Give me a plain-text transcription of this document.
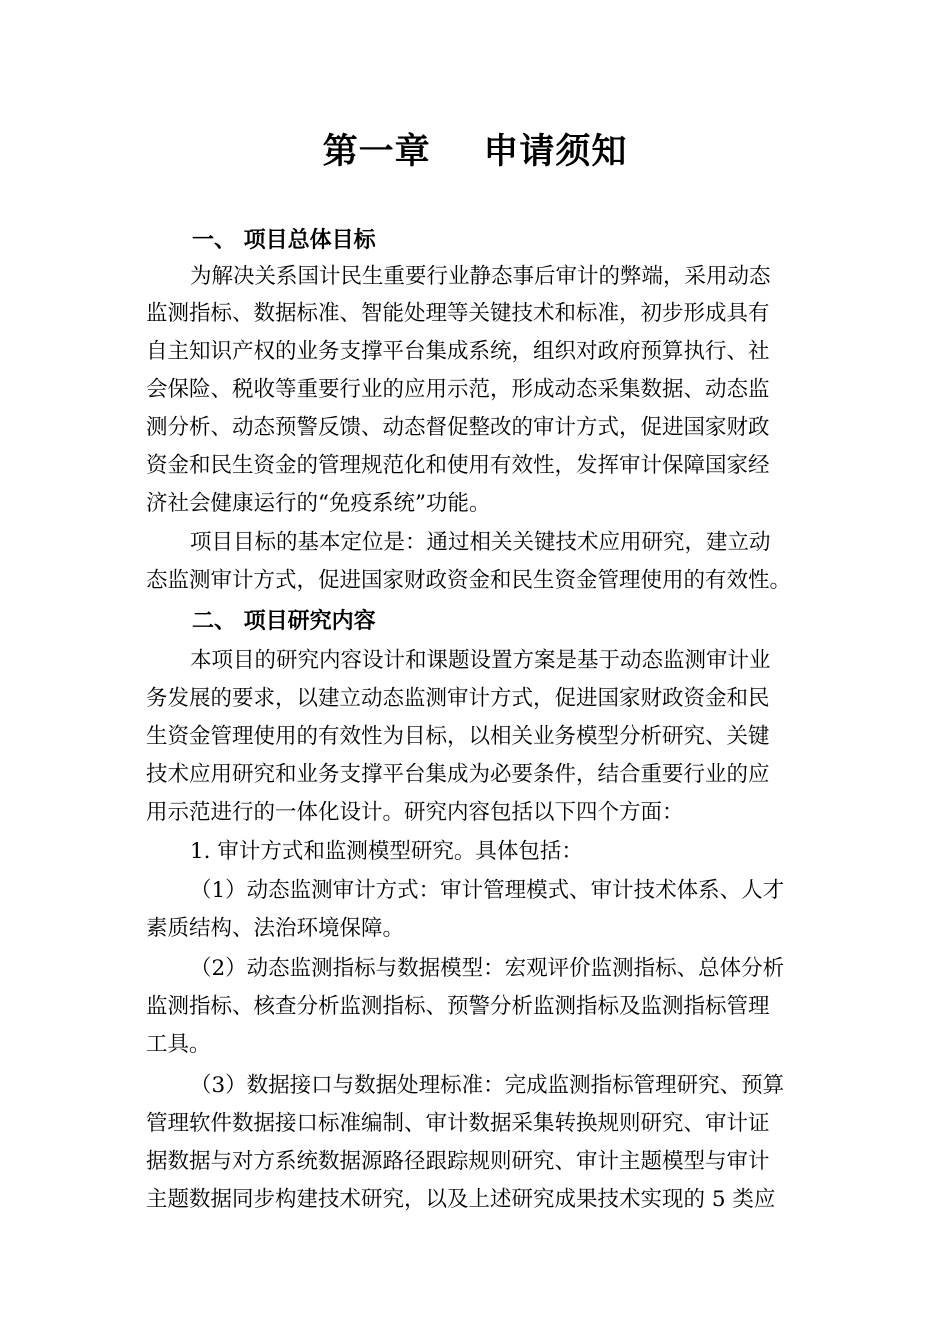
第一章    申请须知
一、 项目总体目标
为解决关系国计民生重要行业静态事后审计的弊端，采用动态
监测指标、数据标准、智能处理等关键技术和标准，初步形成具有
自主知识产权的业务支撑平台集成系统，组织对政府预算执行、社
会保险、税收等重要行业的应用示范，形成动态采集数据、动态监
测分析、动态预警反馈、动态督促整改的审计方式，促进国家财政
资金和民生资金的管理规范化和使用有效性，发挥审计保障国家经
济社会健康运行的“免疫系统”功能。
项目目标的基本定位是：通过相关关键技术应用研究，建立动
态监测审计方式，促进国家财政资金和民生资金管理使用的有效性。
二、 项目研究内容
本项目的研究内容设计和课题设置方案是基于动态监测审计业
务发展的要求，以建立动态监测审计方式，促进国家财政资金和民
生资金管理使用的有效性为目标，以相关业务模型分析研究、关键
技术应用研究和业务支撑平台集成为必要条件，结合重要行业的应
用示范进行的一体化设计。研究内容包括以下四个方面：
1. 审计方式和监测模型研究。具体包括：
（1）动态监测审计方式：审计管理模式、审计技术体系、人才
素质结构、法治环境保障。
（2）动态监测指标与数据模型：宏观评价监测指标、总体分析
监测指标、核查分析监测指标、预警分析监测指标及监测指标管理
工具。
（3）数据接口与数据处理标准：完成监测指标管理研究、预算
管理软件数据接口标准编制、审计数据采集转换规则研究、审计证
据数据与对方系统数据源路径跟踪规则研究、审计主题模型与审计
主题数据同步构建技术研究，以及上述研究成果技术实现的 5 类应
